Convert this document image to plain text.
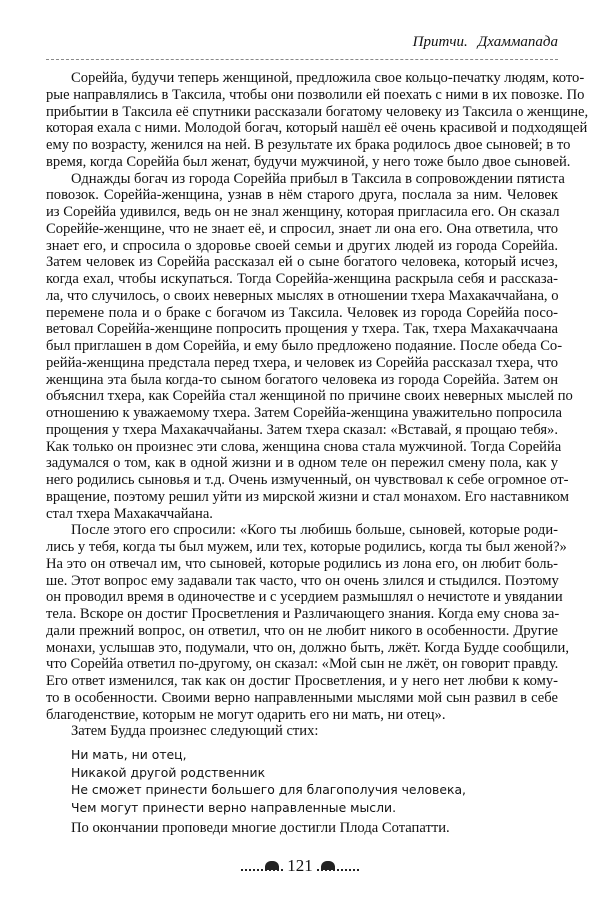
Притчи. Дхаммапада
Сореййа, будучи теперь женщиной, предложила свое кольцо-печатку людям, кото-
рые направлялись в Таксила, чтобы они позволили ей поехать с ними в их повозке. По
прибытии в Таксила её спутники рассказали богатому человеку из Таксила о женщине,
которая ехала с ними. Молодой богач, который нашёл её очень красивой и подходящей
ему по возрасту, женился на ней. В результате их брака родилось двое сыновей; в то
время, когда Сореййа был женат, будучи мужчиной, у него тоже было двое сыновей.
Однажды богач из города Сореййа прибыл в Таксила в сопровождении пятиста
повозок. Сореййа-женщина, узнав в нём старого друга, послала за ним. Человек
из Сореййа удивился, ведь он не знал женщину, которая пригласила его. Он сказал
Сореййе-женщине, что не знает её, и спросил, знает ли она его. Она ответила, что
знает его, и спросила о здоровье своей семьи и других людей из города Сореййа.
Затем человек из Сореййа рассказал ей о сыне богатого человека, который исчез,
когда ехал, чтобы искупаться. Тогда Сореййа-женщина раскрыла себя и рассказа-
ла, что случилось, о своих неверных мыслях в отношении тхера Махакаччайана, о
перемене пола и о браке с богачом из Таксила. Человек из города Сореййа посо-
ветовал Сореййа-женщине попросить прощения у тхера. Так, тхера Махакаччаана
был приглашен в дом Сореййа, и ему было предложено подаяние. После обеда Со-
реййа-женщина предстала перед тхера, и человек из Сореййа рассказал тхера, что
женщина эта была когда-то сыном богатого человека из города Сореййа. Затем он
объяснил тхера, как Сореййа стал женщиной по причине своих неверных мыслей по
отношению к уважаемому тхера. Затем Сореййа-женщина уважительно попросила
прощения у тхера Махакаччайаны. Затем тхера сказал: «Вставай, я прощаю тебя».
Как только он произнес эти слова, женщина снова стала мужчиной. Тогда Сореййа
задумался о том, как в одной жизни и в одном теле он пережил смену пола, как у
него родились сыновья и т.д. Очень измученный, он чувствовал к себе огромное от-
вращение, поэтому решил уйти из мирской жизни и стал монахом. Его наставником
стал тхера Махакаччайана.
После этого его спросили: «Кого ты любишь больше, сыновей, которые роди-
лись у тебя, когда ты был мужем, или тех, которые родились, когда ты был женой?»
На это он отвечал им, что сыновей, которые родились из лона его, он любит боль-
ше. Этот вопрос ему задавали так часто, что он очень злился и стыдился. Поэтому
он проводил время в одиночестве и с усердием размышлял о нечистоте и увядании
тела. Вскоре он достиг Просветления и Различающего знания. Когда ему снова за-
дали прежний вопрос, он ответил, что он не любит никого в особенности. Другие
монахи, услышав это, подумали, что он, должно быть, лжёт. Когда Будде сообщили,
что Сореййа ответил по-другому, он сказал: «Мой сын не лжёт, он говорит правду.
Его ответ изменился, так как он достиг Просветления, и у него нет любви к кому-
то в особенности. Своими верно направленными мыслями мой сын развил в себе
благоденствие, которым не могут одарить его ни мать, ни отец».
Затем Будда произнес следующий стих:
Ни мать, ни отец,
Никакой другой родственник
Не сможет принести большего для благополучия человека,
Чем могут принести верно направленные мысли.
По окончании проповеди многие достигли Плода Сотапатти.
121
